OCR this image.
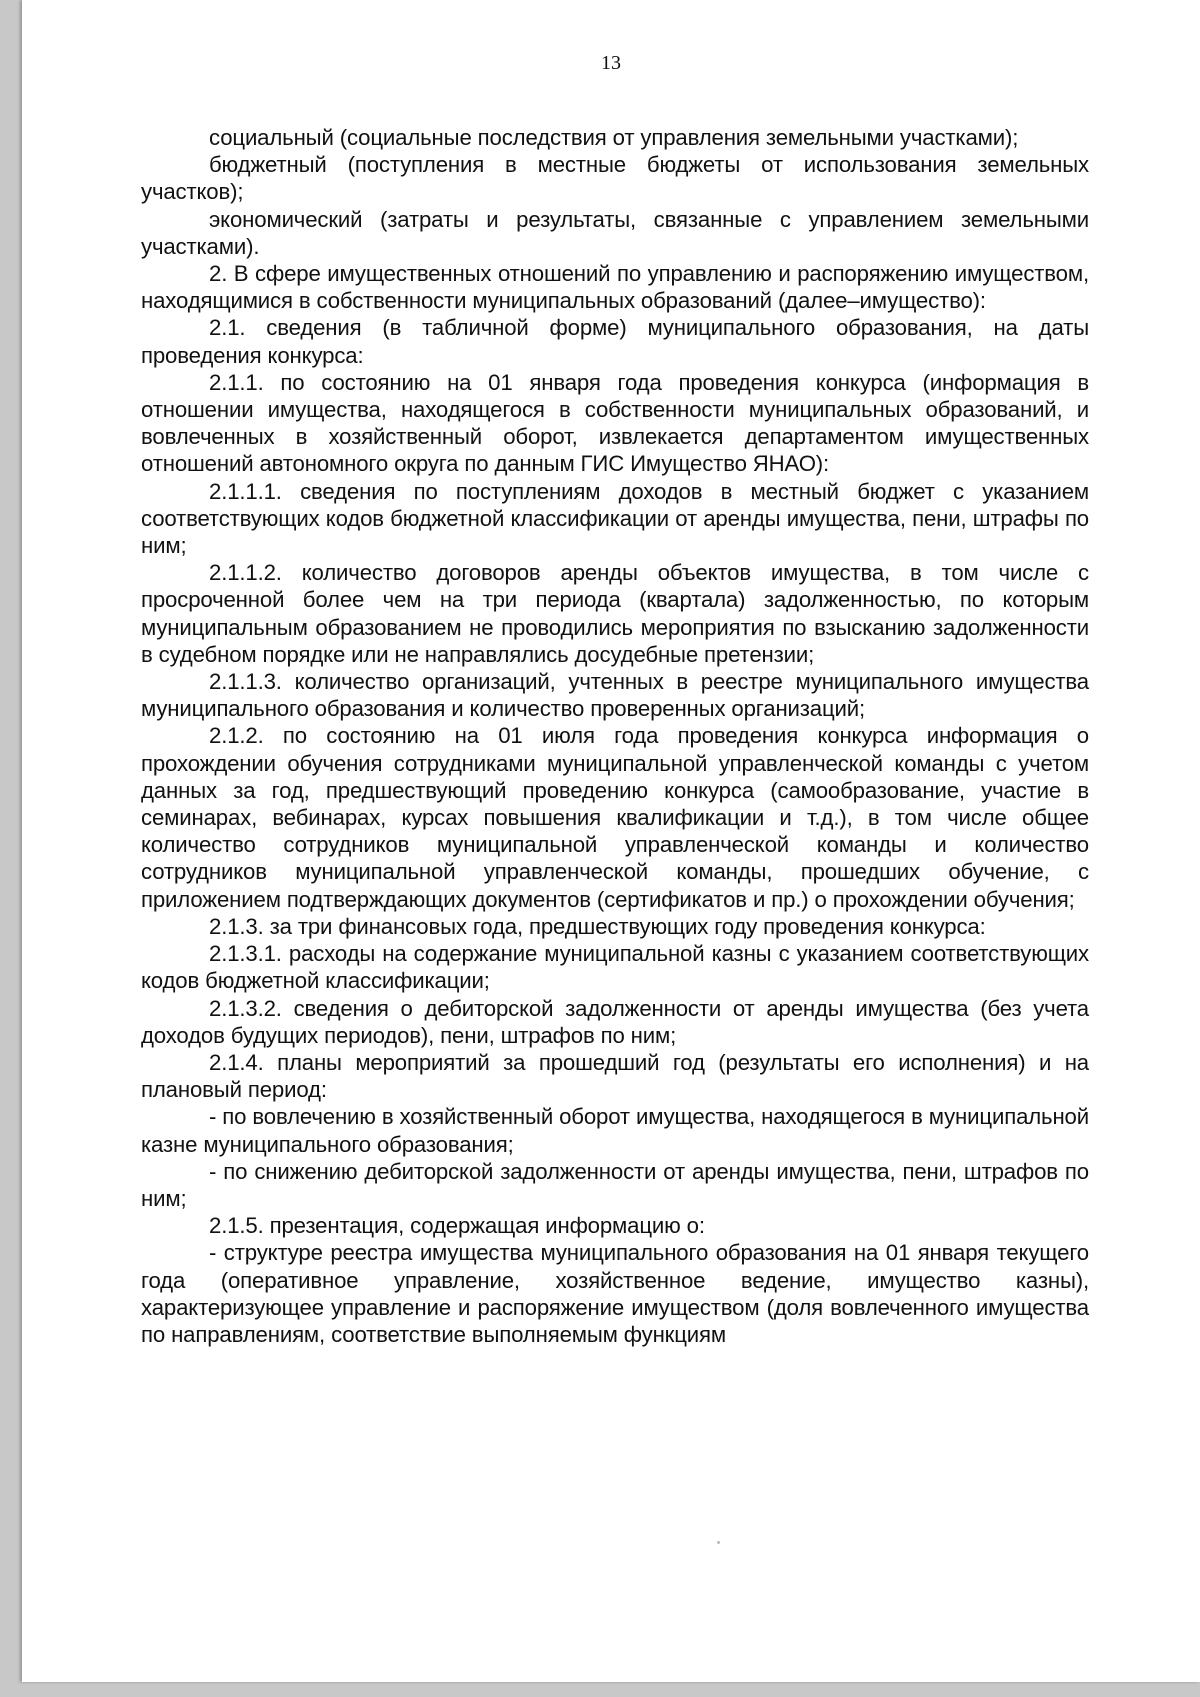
13

социальный (социальные последствия от управления земельными участками);

бюджетный (поступления в местные бюджеты от использования земельных участков);

экономический (затраты и результаты, связанные с управлением земельными участками).

2. В сфере имущественных отношений по управлению и распоряжению имуществом, находящимися в собственности муниципальных образований (далее–имущество):

2.1. сведения (в табличной форме) муниципального образования, на даты проведения конкурса:

2.1.1. по состоянию на 01 января года проведения конкурса (информация в отношении имущества, находящегося в собственности муниципальных образований, и вовлеченных в хозяйственный оборот, извлекается департаментом имущественных отношений автономного округа по данным ГИС Имущество ЯНАО):

2.1.1.1. сведения по поступлениям доходов в местный бюджет с указанием соответствующих кодов бюджетной классификации от аренды имущества, пени, штрафы по ним;

2.1.1.2. количество договоров аренды объектов имущества, в том числе с просроченной более чем на три периода (квартала) задолженностью, по которым муниципальным образованием не проводились мероприятия по взысканию задолженности в судебном порядке или не направлялись досудебные претензии;

2.1.1.3. количество организаций, учтенных в реестре муниципального имущества муниципального образования и количество проверенных организаций;

2.1.2. по состоянию на 01 июля года проведения конкурса информация о прохождении обучения сотрудниками муниципальной управленческой команды с учетом данных за год, предшествующий проведению конкурса (самообразование, участие в семинарах, вебинарах, курсах повышения квалификации и т.д.), в том числе общее количество сотрудников муниципальной управленческой команды и количество сотрудников муниципальной управленческой команды, прошедших обучение, с приложением подтверждающих документов (сертификатов и пр.) о прохождении обучения;

2.1.3. за три финансовых года, предшествующих году проведения конкурса:

2.1.3.1. расходы на содержание муниципальной казны с указанием соответствующих кодов бюджетной классификации;

2.1.3.2. сведения о дебиторской задолженности от аренды имущества (без учета доходов будущих периодов), пени, штрафов по ним;

2.1.4. планы мероприятий за прошедший год (результаты его исполнения) и на плановый период:

- по вовлечению в хозяйственный оборот имущества, находящегося в муниципальной казне муниципального образования;

- по снижению дебиторской задолженности от аренды имущества, пени, штрафов по ним;

2.1.5. презентация, содержащая информацию о:

- структуре реестра имущества муниципального образования на 01 января текущего года (оперативное управление, хозяйственное ведение, имущество казны), характеризующее управление и распоряжение имуществом (доля вовлеченного имущества по направлениям, соответствие выполняемым функциям
